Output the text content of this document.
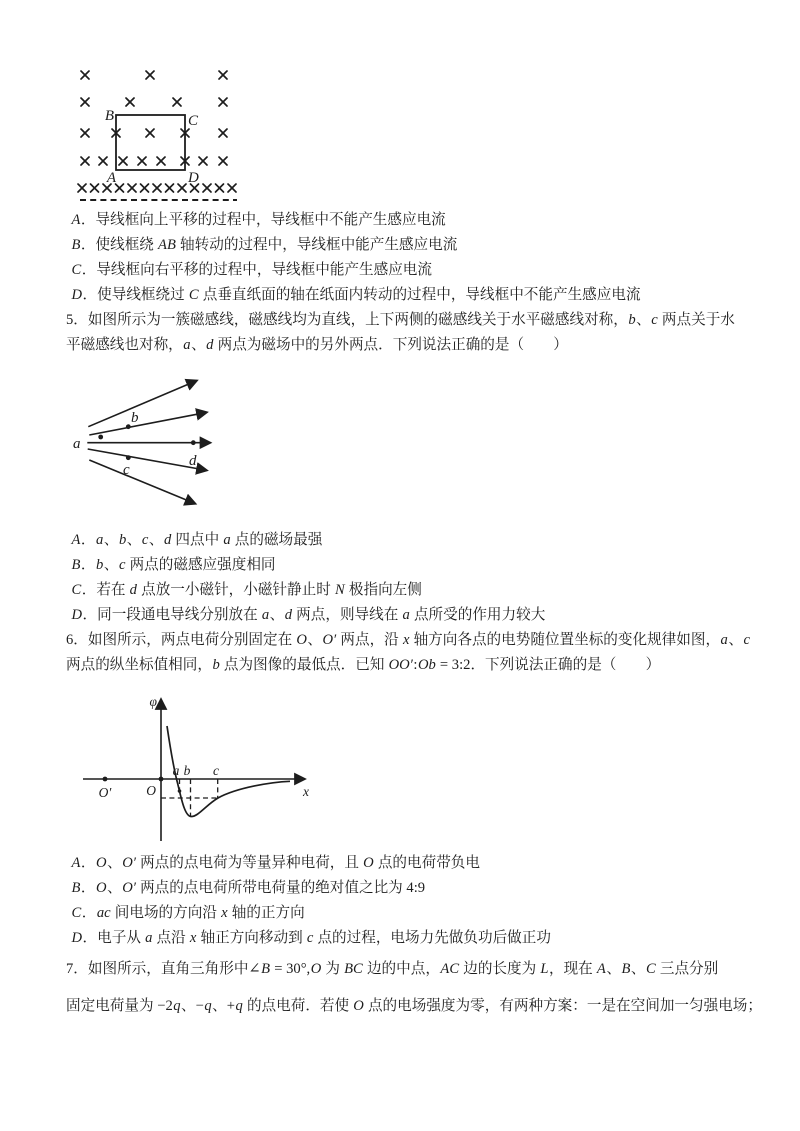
B	C
A	D
A．导线框向上平移的过程中，导线框中不能产生感应电流
B．使线框绕 AB 轴转动的过程中，导线框中能产生感应电流
C．导线框向右平移的过程中，导线框中能产生感应电流
D．使导线框绕过 C 点垂直纸面的轴在纸面内转动的过程中，导线框中不能产生感应电流
5．如图所示为一簇磁感线，磁感线均为直线，上下两侧的磁感线关于水平磁感线对称，b、c 两点关于水
平磁感线也对称，a、d 两点为磁场中的另外两点．下列说法正确的是（　　）
a
b
c
d
A．a、b、c、d 四点中 a 点的磁场最强
B．b、c 两点的磁感应强度相同
C．若在 d 点放一小磁针，小磁针静止时 N 极指向左侧
D．同一段通电导线分别放在 a、d 两点，则导线在 a 点所受的作用力较大
6．如图所示，两点电荷分别固定在 O、O′ 两点，沿 x 轴方向各点的电势随位置坐标的变化规律如图，a、c
两点的纵坐标值相同，b 点为图像的最低点．已知 OO′:Ob = 3:2．下列说法正确的是（　　）
φ
x
O′	O
a b c
A．O、O′ 两点的点电荷为等量异种电荷，且 O 点的电荷带负电
B．O、O′ 两点的点电荷所带电荷量的绝对值之比为 4:9
C．ac 间电场的方向沿 x 轴的正方向
D．电子从 a 点沿 x 轴正方向移动到 c 点的过程，电场力先做负功后做正功
7．如图所示，直角三角形中∠B = 30°,O 为 BC 边的中点，AC 边的长度为 L，现在 A、B、C 三点分别
固定电荷量为 −2q、−q、+q 的点电荷．若使 O 点的电场强度为零，有两种方案：一是在空间加一匀强电场；
